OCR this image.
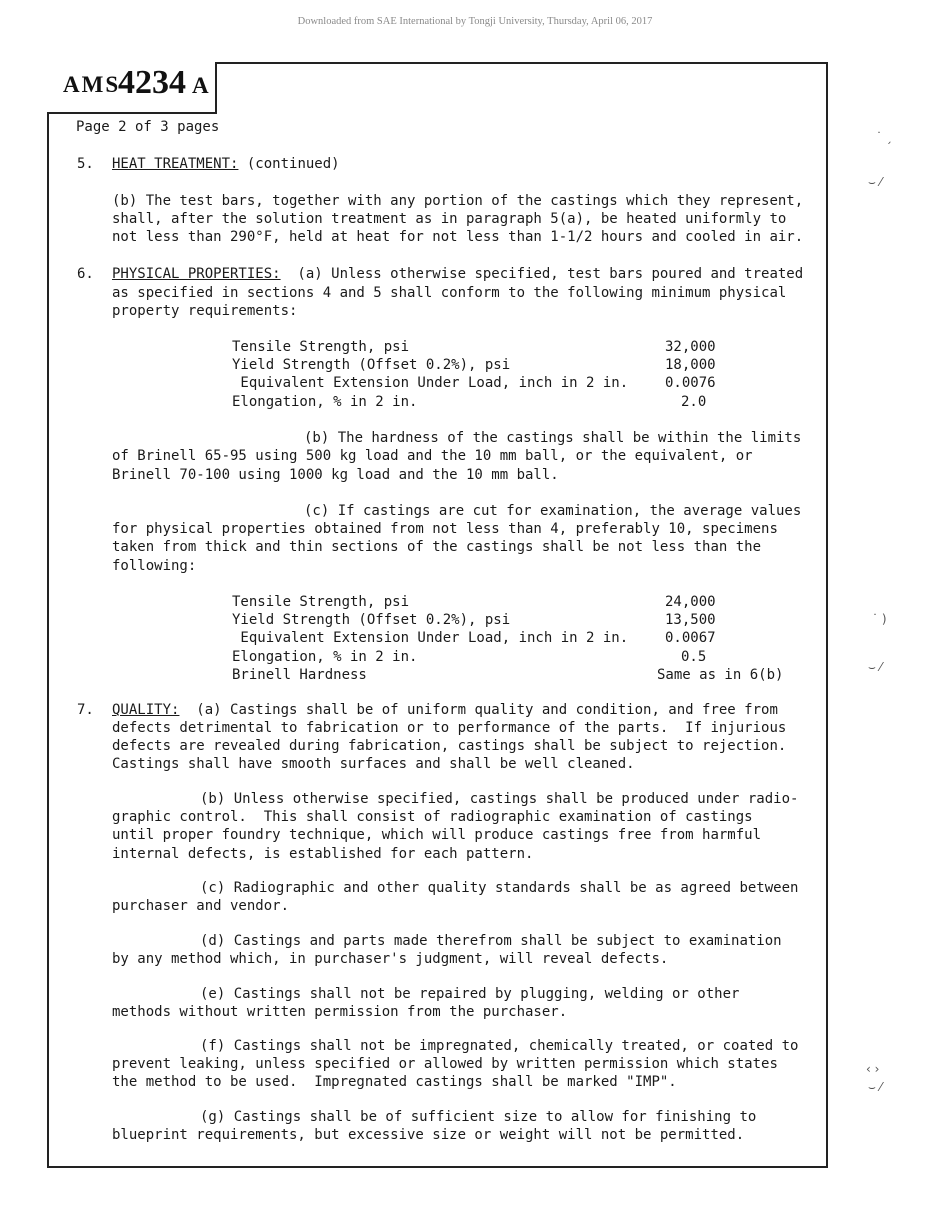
Downloaded from SAE International by Tongji University, Thursday, April 06, 2017
AMS
4234 A
Page 2 of 3 pages
5. HEAT TREATMENT: (continued)
(b) The test bars, together with any portion of the castings which they represent,
shall, after the solution treatment as in paragraph 5(a), be heated uniformly to
not less than 290°F, held at heat for not less than 1-1/2 hours and cooled in air.
6. PHYSICAL PROPERTIES:  (a) Unless otherwise specified, test bars poured and treated
as specified in sections 4 and 5 shall conform to the following minimum physical
property requirements:
Tensile Strength, psi	32,000
Yield Strength (Offset 0.2%), psi	18,000
Equivalent Extension Under Load, inch in 2 in.	0.0076
Elongation, % in 2 in.	2.0
(b) The hardness of the castings shall be within the limits
of Brinell 65-95 using 500 kg load and the 10 mm ball, or the equivalent, or
Brinell 70-100 using 1000 kg load and the 10 mm ball.
(c) If castings are cut for examination, the average values
for physical properties obtained from not less than 4, preferably 10, specimens
taken from thick and thin sections of the castings shall be not less than the
following:
Tensile Strength, psi	24,000
Yield Strength (Offset 0.2%), psi	13,500
Equivalent Extension Under Load, inch in 2 in.	0.0067
Elongation, % in 2 in.	0.5
Brinell Hardness	Same as in 6(b)
7. QUALITY:  (a) Castings shall be of uniform quality and condition, and free from
defects detrimental to fabrication or to performance of the parts.  If injurious
defects are revealed during fabrication, castings shall be subject to rejection.
Castings shall have smooth surfaces and shall be well cleaned.
(b) Unless otherwise specified, castings shall be produced under radio-
graphic control.  This shall consist of radiographic examination of castings
until proper foundry technique, which will produce castings free from harmful
internal defects, is established for each pattern.
(c) Radiographic and other quality standards shall be as agreed between
purchaser and vendor.
(d) Castings and parts made therefrom shall be subject to examination
by any method which, in purchaser's judgment, will reveal defects.
(e) Castings shall not be repaired by plugging, welding or other
methods without written permission from the purchaser.
(f) Castings shall not be impregnated, chemically treated, or coated to
prevent leaking, unless specified or allowed by written permission which states
the method to be used.  Impregnated castings shall be marked "IMP".
(g) Castings shall be of sufficient size to allow for finishing to
blueprint requirements, but excessive size or weight will not be permitted.
˙ ˏ
⌣ ⁄
˙ )
⌣ ⁄
‹ ›
⌣ ⁄
